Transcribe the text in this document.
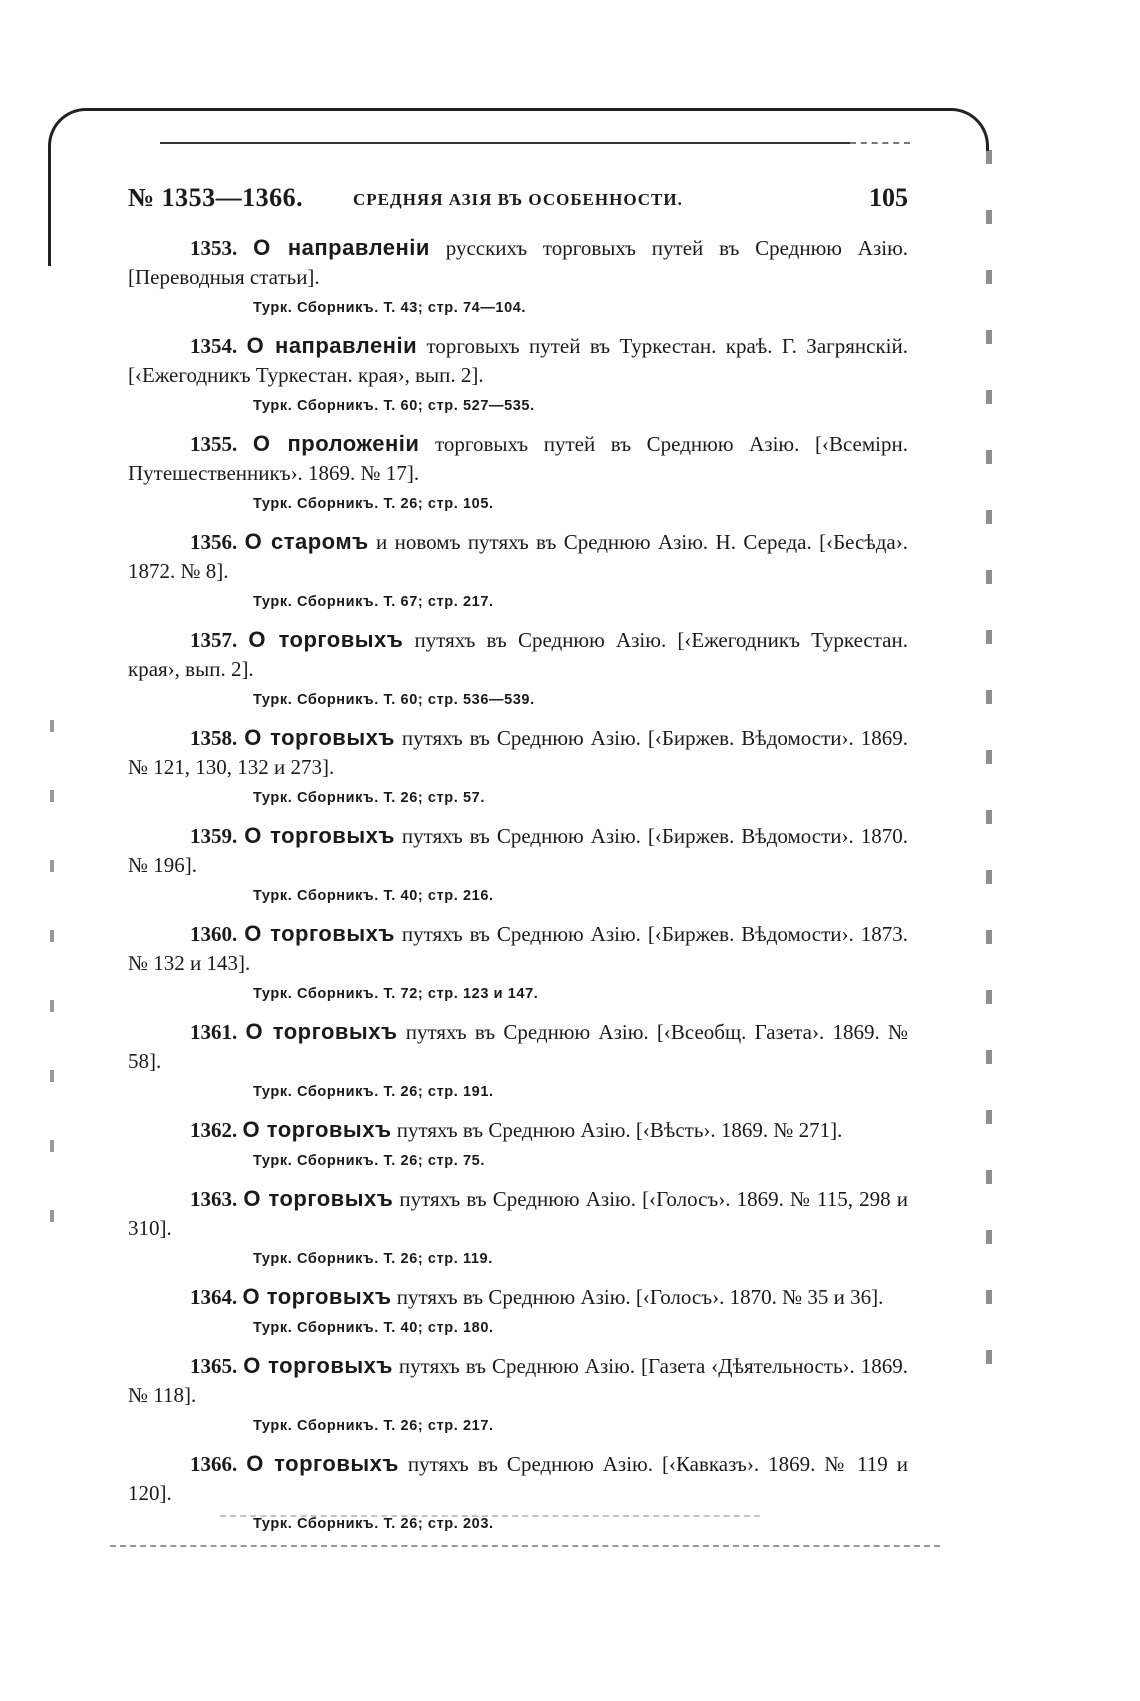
№ 1353—1366.	СРЕДНЯЯ АЗІЯ ВЪ ОСОБЕННОСТИ.	105
1353. О направленіи русскихъ торговыхъ путей въ Среднюю Азію. [Переводныя статьи].
Турк. Сборникъ. Т. 43; стр. 74—104.
1354. О направленіи торговыхъ путей въ Туркестан. краѣ. Г. Загрянскій. [‹Ежегодникъ Туркестан. края›, вып. 2].
Турк. Сборникъ. Т. 60; стр. 527—535.
1355. О проложеніи торговыхъ путей въ Среднюю Азію. [‹Всемірн. Путешественникъ›. 1869. № 17].
Турк. Сборникъ. Т. 26; стр. 105.
1356. О старомъ и новомъ путяхъ въ Среднюю Азію. Н. Середа. [‹Бесѣда›. 1872. № 8].
Турк. Сборникъ. Т. 67; стр. 217.
1357. О торговыхъ путяхъ въ Среднюю Азію. [‹Ежегодникъ Туркестан. края›, вып. 2].
Турк. Сборникъ. Т. 60; стр. 536—539.
1358. О торговыхъ путяхъ въ Среднюю Азію. [‹Биржев. Вѣдомости›. 1869. № 121, 130, 132 и 273].
Турк. Сборникъ. Т. 26; стр. 57.
1359. О торговыхъ путяхъ въ Среднюю Азію. [‹Биржев. Вѣдомости›. 1870. № 196].
Турк. Сборникъ. Т. 40; стр. 216.
1360. О торговыхъ путяхъ въ Среднюю Азію. [‹Биржев. Вѣдомости›. 1873. № 132 и 143].
Турк. Сборникъ. Т. 72; стр. 123 и 147.
1361. О торговыхъ путяхъ въ Среднюю Азію. [‹Всеобщ. Газета›. 1869. № 58].
Турк. Сборникъ. Т. 26; стр. 191.
1362. О торговыхъ путяхъ въ Среднюю Азію. [‹Вѣсть›. 1869. № 271].
Турк. Сборникъ. Т. 26; стр. 75.
1363. О торговыхъ путяхъ въ Среднюю Азію. [‹Голосъ›. 1869. № 115, 298 и 310].
Турк. Сборникъ. Т. 26; стр. 119.
1364. О торговыхъ путяхъ въ Среднюю Азію. [‹Голосъ›. 1870. № 35 и 36].
Турк. Сборникъ. Т. 40; стр. 180.
1365. О торговыхъ путяхъ въ Среднюю Азію. [Газета ‹Дѣятельность›. 1869. № 118].
Турк. Сборникъ. Т. 26; стр. 217.
1366. О торговыхъ путяхъ въ Среднюю Азію. [‹Кавказъ›. 1869. № 119 и 120].
Турк. Сборникъ. Т. 26; стр. 203.
